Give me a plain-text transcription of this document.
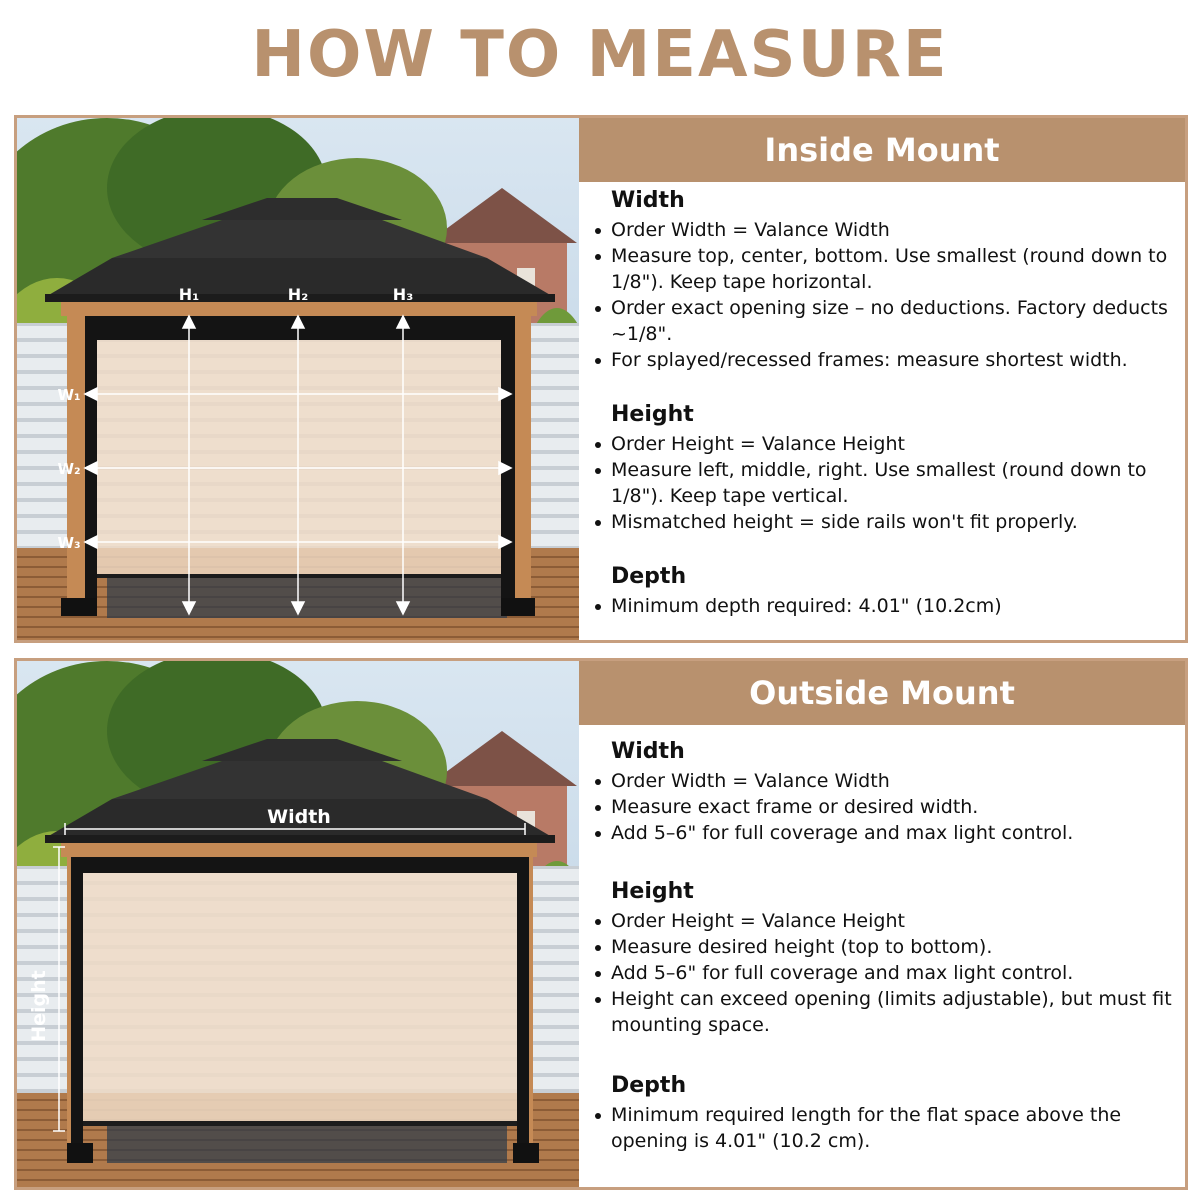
HOW TO MEASURE
H₁	H₂	H₃
W₁
W₂
W₃
Inside Mount
Width
Order Width = Valance Width
Measure top, center, bottom. Use smallest (round down to 1/8"). Keep tape horizontal.
Order exact opening size – no deductions. Factory deducts ~1/8".
For splayed/recessed frames: measure shortest width.
Height
Order Height = Valance Height
Measure left, middle, right. Use smallest (round down to 1/8"). Keep tape vertical.
Mismatched height = side rails won't fit properly.
Depth
Minimum depth required: 4.01" (10.2cm)
Width
Height
Outside Mount
Width
Order Width = Valance Width
Measure exact frame or desired width.
Add 5–6" for full coverage and max light control.
Height
Order Height = Valance Height
Measure desired height (top to bottom).
Add 5–6" for full coverage and max light control.
Height can exceed opening (limits adjustable), but must fit mounting space.
Depth
Minimum required length for the flat space above the opening is 4.01" (10.2 cm).
